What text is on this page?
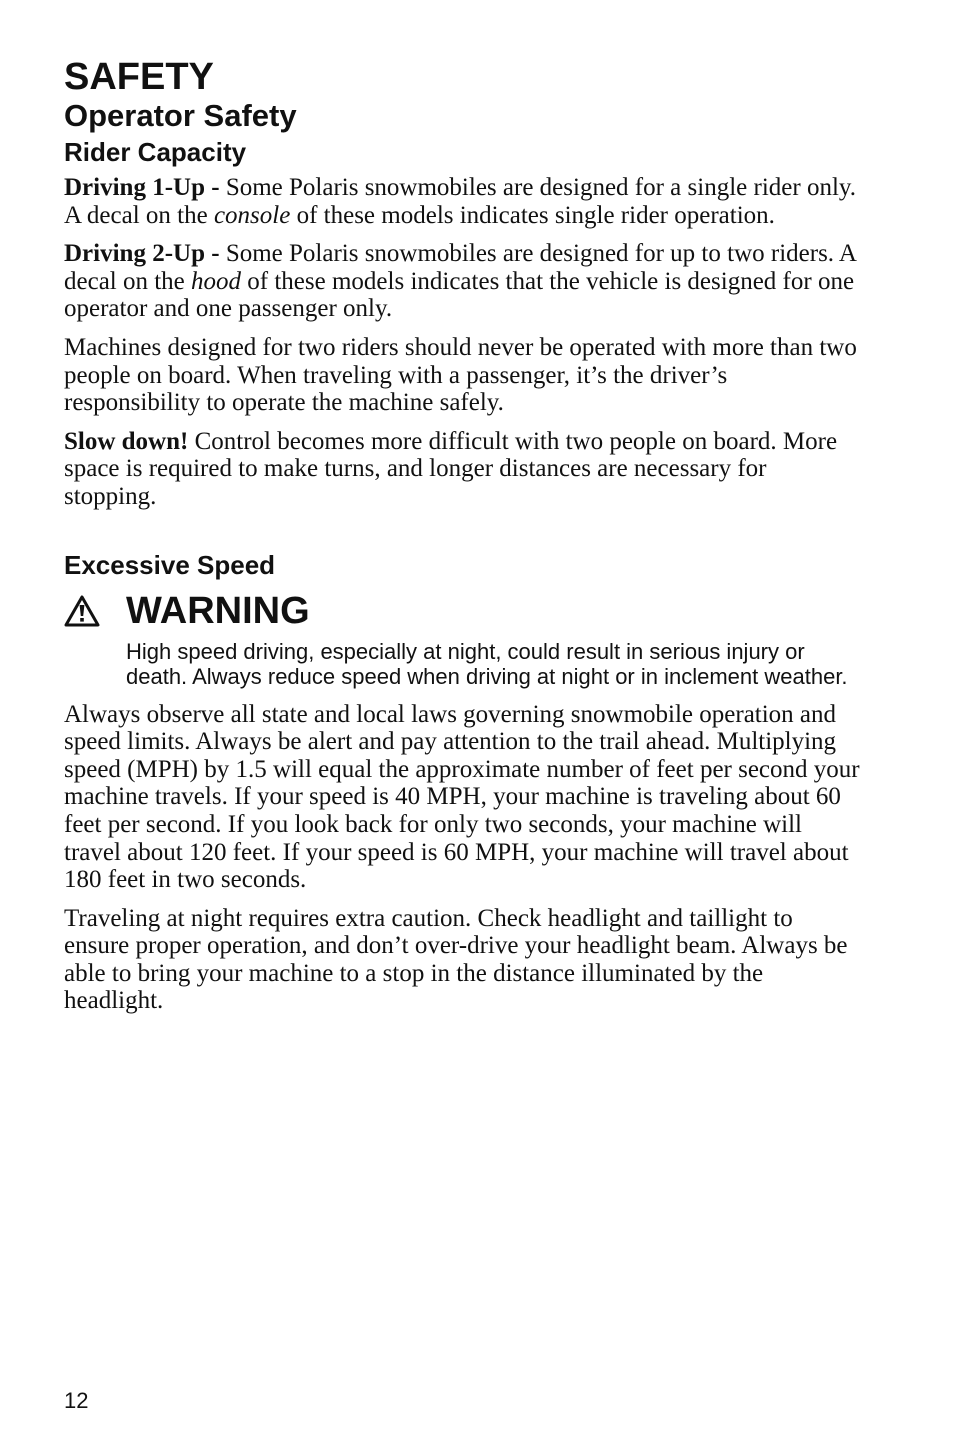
SAFETY
Operator Safety
Rider Capacity

Driving 1-Up - Some Polaris snowmobiles are designed for a single rider only. A decal on the console of these models indicates single rider operation.

Driving 2-Up - Some Polaris snowmobiles are designed for up to two riders. A decal on the hood of these models indicates that the vehicle is designed for one operator and one passenger only.

Machines designed for two riders should never be operated with more than two people on board. When traveling with a passenger, it’s the driver’s responsibility to operate the machine safely.

Slow down! Control becomes more difficult with two people on board. More space is required to make turns, and longer distances are necessary for stopping.

Excessive Speed
WARNING

High speed driving, especially at night, could result in serious injury or death. Always reduce speed when driving at night or in inclement weather.

Always observe all state and local laws governing snowmobile operation and speed limits. Always be alert and pay attention to the trail ahead. Multiplying speed (MPH) by 1.5 will equal the approximate number of feet per second your machine travels. If your speed is 40 MPH, your machine is traveling about 60 feet per second. If you look back for only two seconds, your machine will travel about 120 feet. If your speed is 60 MPH, your machine will travel about 180 feet in two seconds.

Traveling at night requires extra caution. Check headlight and taillight to ensure proper operation, and don’t over-drive your headlight beam. Always be able to bring your machine to a stop in the distance illuminated by the headlight.

12
